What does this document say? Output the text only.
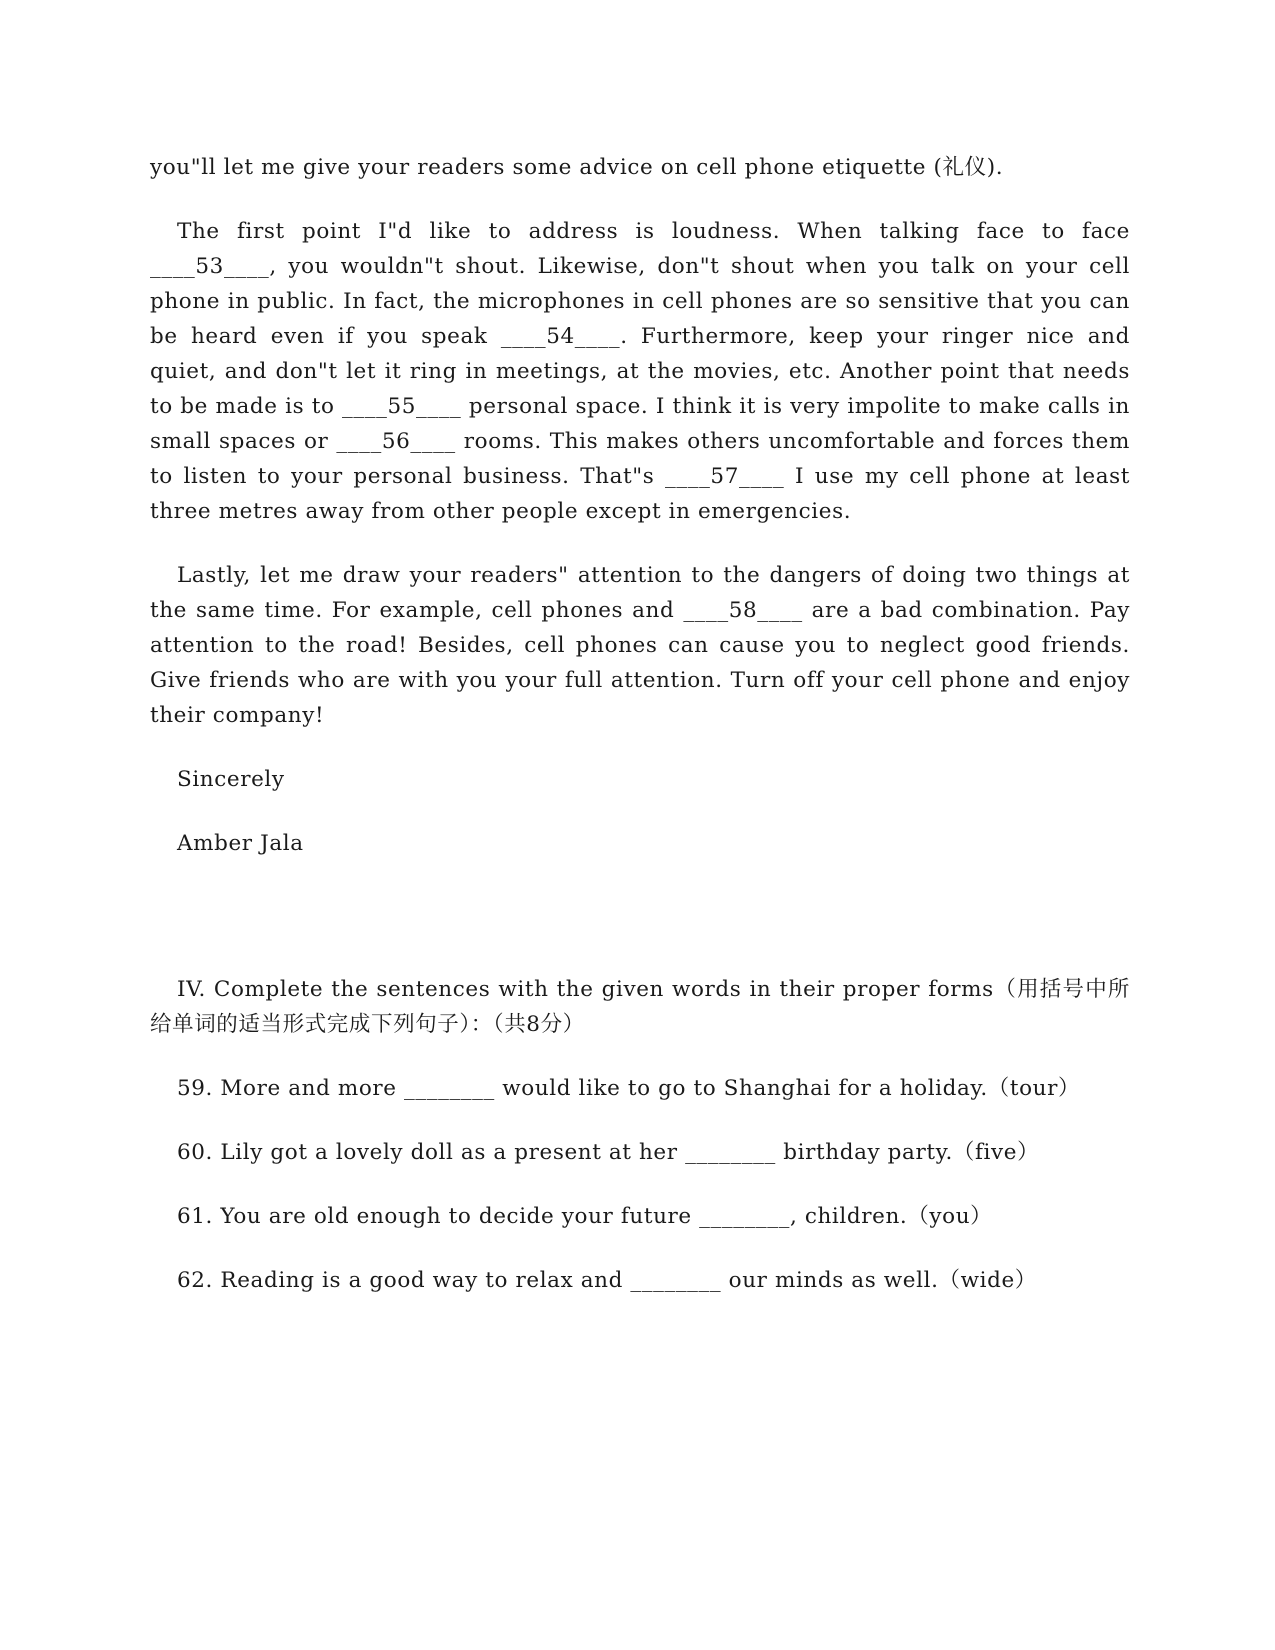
you"ll let me give your readers some advice on cell phone etiquette (礼仪).

The first point I"d like to address is loudness. When talking face to face ____53____, you wouldn"t shout. Likewise, don"t shout when you talk on your cell phone in public. In fact, the microphones in cell phones are so sensitive that you can be heard even if you speak ____54____. Furthermore, keep your ringer nice and quiet, and don"t let it ring in meetings, at the movies, etc. Another point that needs to be made is to ____55____ personal space. I think it is very impolite to make calls in small spaces or ____56____ rooms. This makes others uncomfortable and forces them to listen to your personal business. That"s ____57____ I use my cell phone at least three metres away from other people except in emergencies.

Lastly, let me draw your readers" attention to the dangers of doing two things at the same time. For example, cell phones and ____58____ are a bad combination. Pay attention to the road! Besides, cell phones can cause you to neglect good friends. Give friends who are with you your full attention. Turn off your cell phone and enjoy their company!

Sincerely

Amber Jala

IV. Complete the sentences with the given words in their proper forms（用括号中所给单词的适当形式完成下列句子）：（共8分）

59. More and more ________ would like to go to Shanghai for a holiday.（tour）

60. Lily got a lovely doll as a present at her ________ birthday party.（five）

61. You are old enough to decide your future ________, children.（you）

62. Reading is a good way to relax and ________ our minds as well.（wide）
